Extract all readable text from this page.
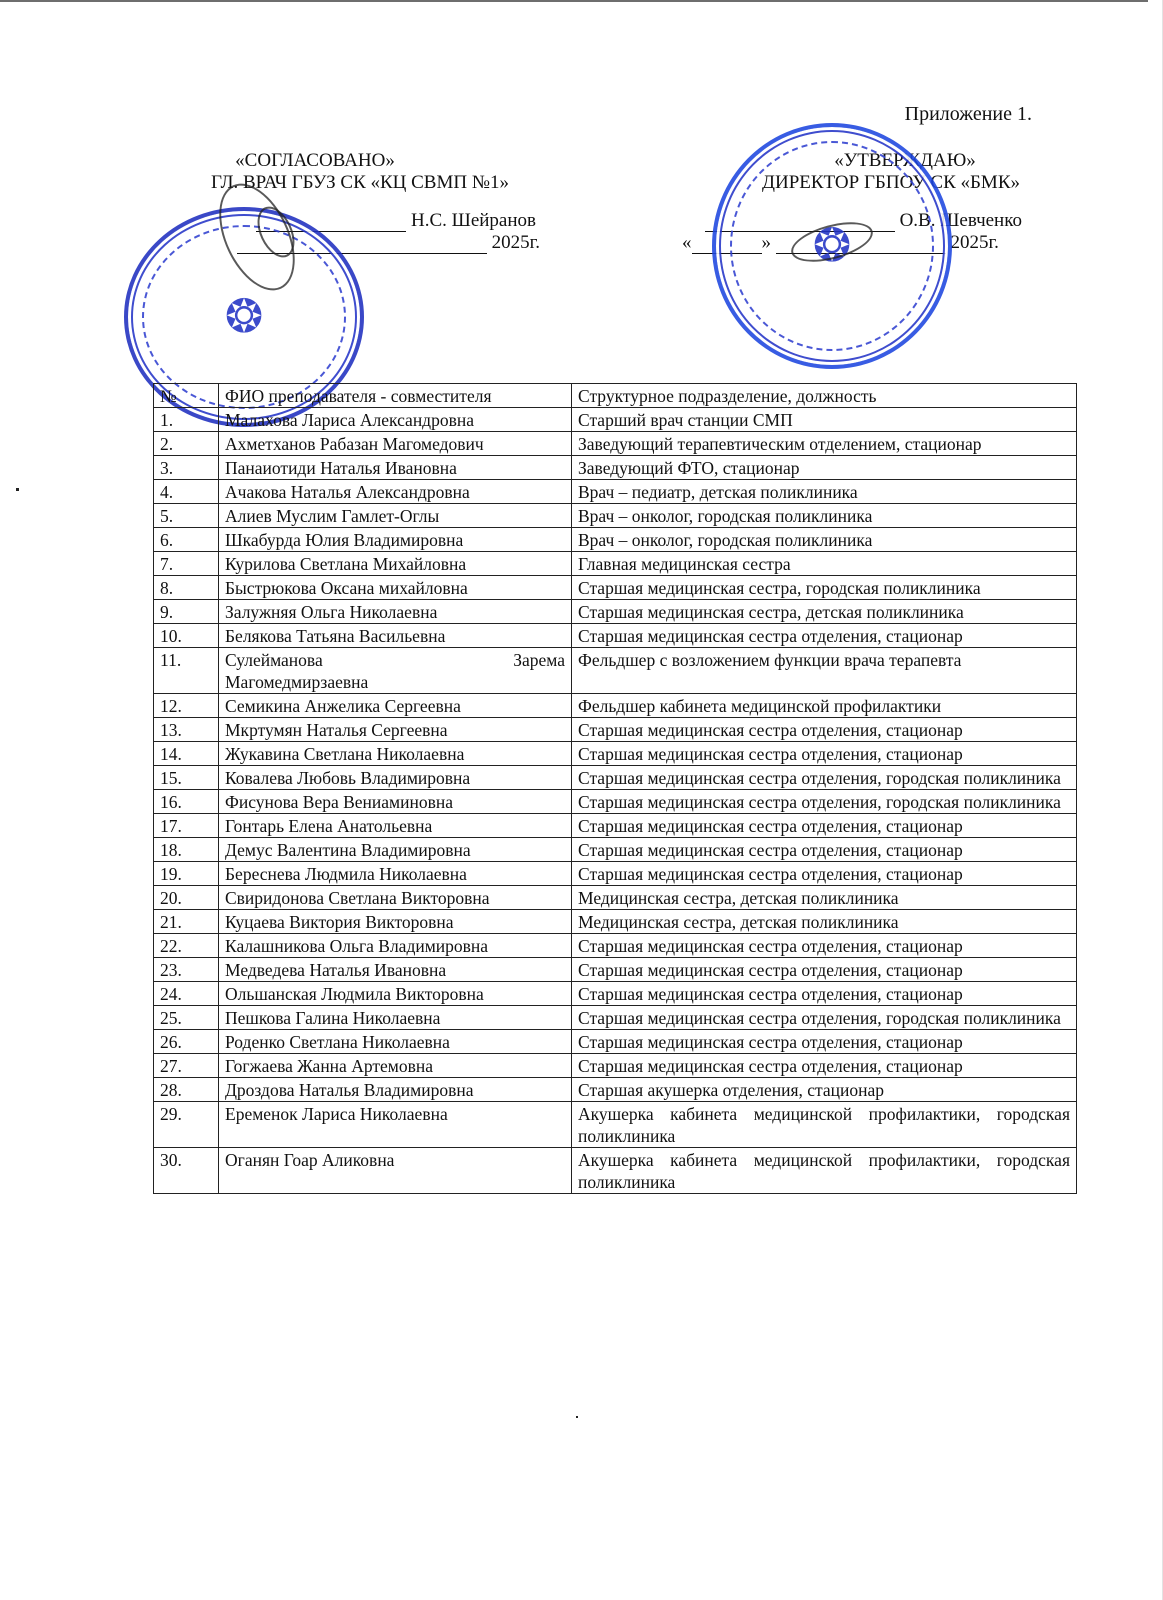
Приложение 1.
«СОГЛАСОВАНО»
ГЛ. ВРАЧ ГБУЗ СК «КЦ СВМП №1»
Н.С. Шейранов
2025г.
«УТВЕРЖДАЮ»
ДИРЕКТОР ГБПОУ СК «БМК»
О.В. Шевченко
«	»	2025г.
❂
❂
№	ФИО преподавателя - совместителя	Структурное подразделение, должность
1.	Малахова Лариса Александровна	Старший врач станции СМП
2.	Ахметханов Рабазан Магомедович	Заведующий терапевтическим отделением, стационар
3.	Панаиотиди Наталья Ивановна	Заведующий ФТО, стационар
4.	Ачакова Наталья Александровна	Врач – педиатр, детская поликлиника
5.	Алиев Муслим Гамлет-Оглы	Врач – онколог, городская поликлиника
6.	Шкабурда Юлия Владимировна	Врач – онколог, городская поликлиника
7.	Курилова Светлана Михайловна	Главная медицинская сестра
8.	Быстрюкова Оксана михайловна	Старшая медицинская сестра, городская поликлиника
9.	Залужняя Ольга Николаевна	Старшая медицинская сестра, детская поликлиника
10.	Белякова Татьяна Васильевна	Старшая медицинская сестра отделения, стационар
11.	Сулейманова Зарема
Магомедмирзаевна	Фельдшер с возложением функции врача терапевта
12.	Семикина Анжелика Сергеевна	Фельдшер кабинета медицинской профилактики
13.	Мкртумян Наталья Сергеевна	Старшая медицинская сестра отделения, стационар
14.	Жукавина Светлана Николаевна	Старшая медицинская сестра отделения, стационар
15.	Ковалева Любовь Владимировна	Старшая медицинская сестра отделения, городская поликлиника
16.	Фисунова Вера Вениаминовна	Старшая медицинская сестра отделения, городская поликлиника
17.	Гонтарь Елена Анатольевна	Старшая медицинская сестра отделения, стационар
18.	Демус Валентина Владимировна	Старшая медицинская сестра отделения, стационар
19.	Береснева Людмила Николаевна	Старшая медицинская сестра отделения, стационар
20.	Свиридонова Светлана Викторовна	Медицинская сестра, детская поликлиника
21.	Куцаева Виктория Викторовна	Медицинская сестра, детская поликлиника
22.	Калашникова Ольга Владимировна	Старшая медицинская сестра отделения, стационар
23.	Медведева Наталья Ивановна	Старшая медицинская сестра отделения, стационар
24.	Ольшанская Людмила Викторовна	Старшая медицинская сестра отделения, стационар
25.	Пешкова Галина Николаевна	Старшая медицинская сестра отделения, городская поликлиника
26.	Роденко Светлана Николаевна	Старшая медицинская сестра отделения, стационар
27.	Гогжаева Жанна Артемовна	Старшая медицинская сестра отделения, стационар
28.	Дроздова Наталья Владимировна	Старшая акушерка отделения, стационар
29.	Еременок Лариса Николаевна	Акушерка кабинета медицинской профилактики, городская поликлиника
30.	Оганян Гоар Аликовна	Акушерка кабинета медицинской профилактики, городская поликлиника
